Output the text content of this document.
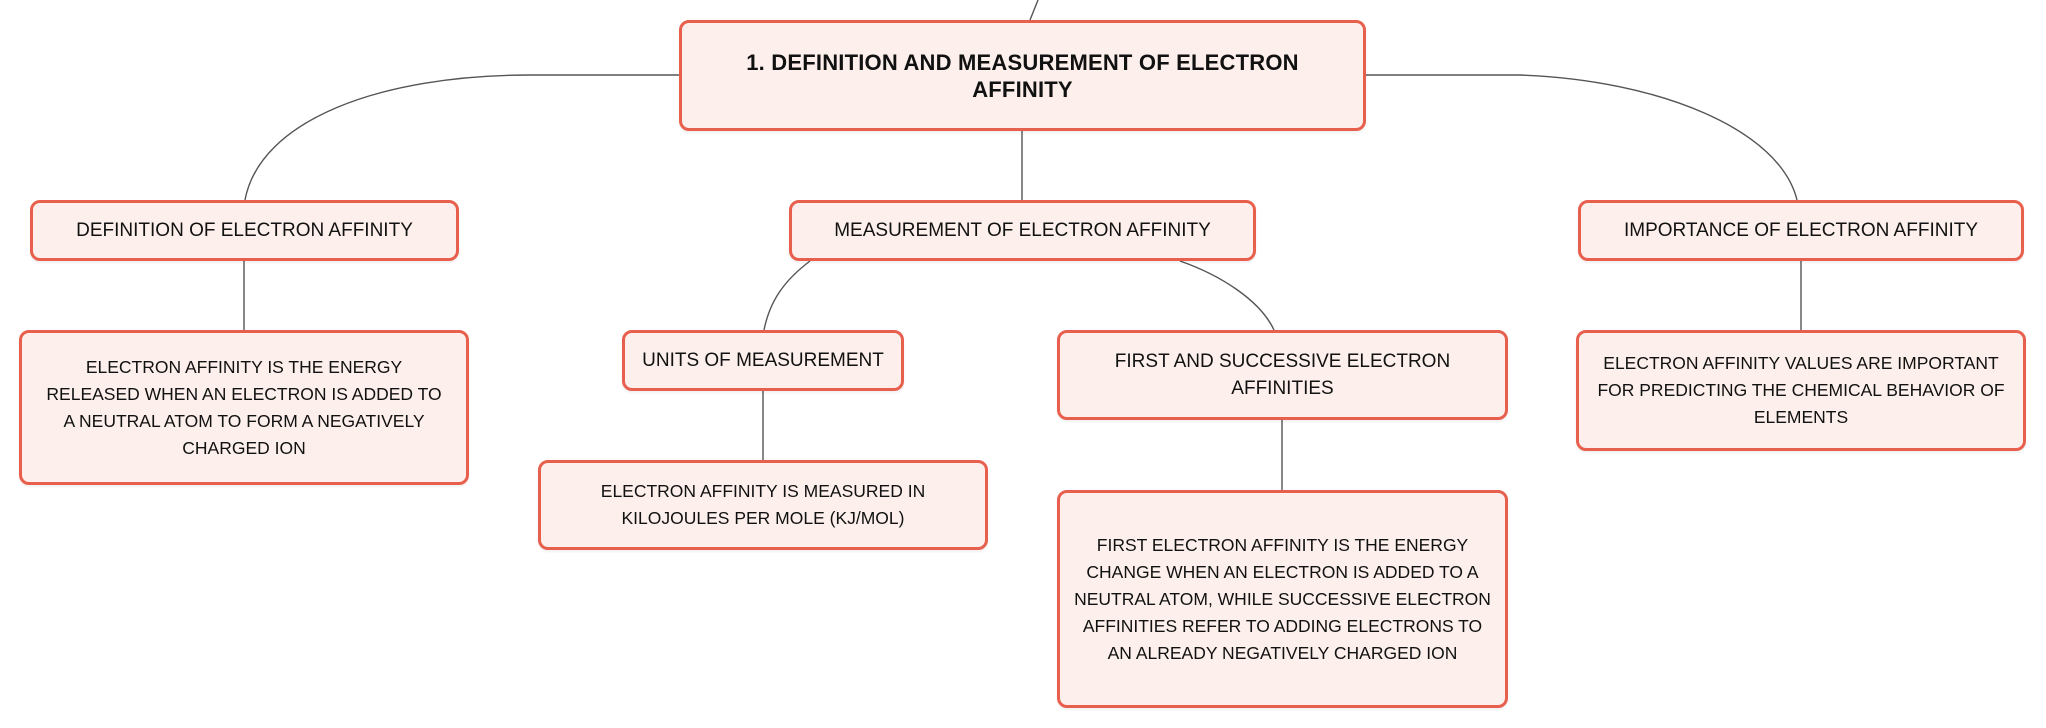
1. DEFINITION AND MEASUREMENT OF ELECTRON AFFINITY
DEFINITION OF ELECTRON AFFINITY
ELECTRON AFFINITY IS THE ENERGY RELEASED WHEN AN ELECTRON IS ADDED TO A NEUTRAL ATOM TO FORM A NEGATIVELY CHARGED ION
MEASUREMENT OF ELECTRON AFFINITY
UNITS OF MEASUREMENT
ELECTRON AFFINITY IS MEASURED IN KILOJOULES PER MOLE (KJ/MOL)
FIRST AND SUCCESSIVE ELECTRON AFFINITIES
FIRST ELECTRON AFFINITY IS THE ENERGY CHANGE WHEN AN ELECTRON IS ADDED TO A NEUTRAL ATOM, WHILE SUCCESSIVE ELECTRON AFFINITIES REFER TO ADDING ELECTRONS TO AN ALREADY NEGATIVELY CHARGED ION
IMPORTANCE OF ELECTRON AFFINITY
ELECTRON AFFINITY VALUES ARE IMPORTANT FOR PREDICTING THE CHEMICAL BEHAVIOR OF ELEMENTS
